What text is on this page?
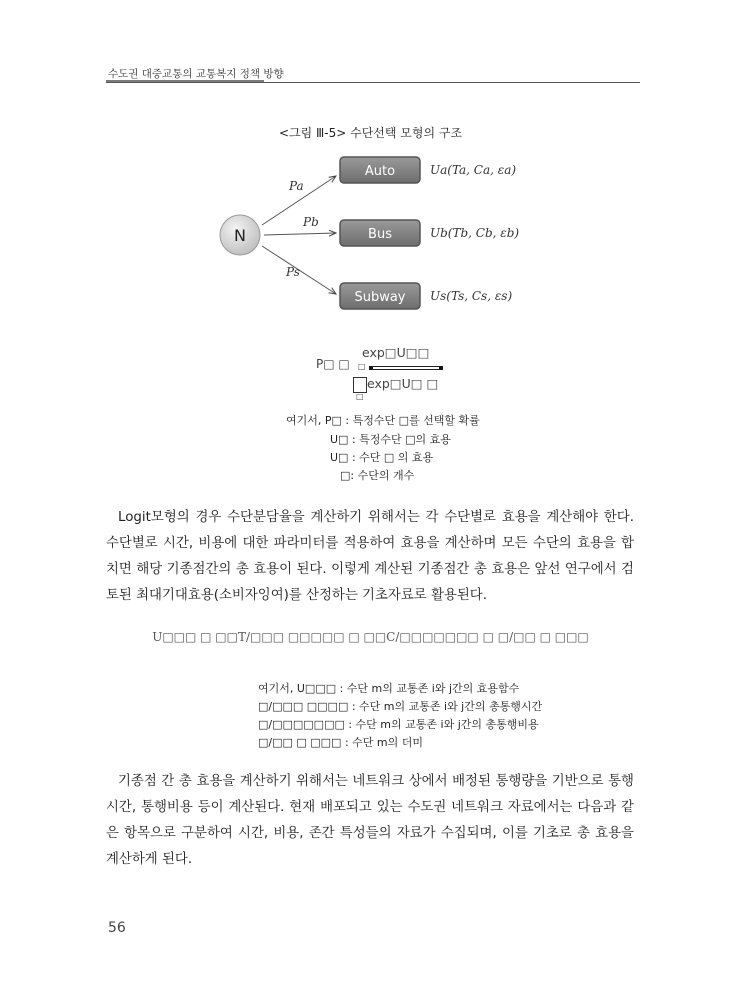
수도권 대중교통의 교통복지 정책 방향
<그림 Ⅲ-5> 수단선택 모형의 구조
N
Pa
Pb
Ps
Auto
Bus
Subway
Ua(Ta, Ca, εa)
Ub(Tb, Cb, εb)
Us(Ts, Cs, εs)
P□ □
exp□U□□
□
exp□U□ □
□
여기서, P□ : 특정수단 □를 선택할 확률
U□ : 특정수단 □의 효용
U□ : 수단 □ 의 효용
□: 수단의 개수
Logit모형의 경우 수단분담율을 계산하기 위해서는 각 수단별로 효용을 계산해야 한다. 수단별로 시간, 비용에 대한 파라미터를 적용하여 효용을 계산하며 모든 수단의 효용을 합치면 해당 기종점간의 총 효용이 된다. 이렇게 계산된 기종점간 총 효용은 앞선 연구에서 검토된 최대기대효용(소비자잉여)를 산정하는 기초자료로 활용된다.
U□□□ □ □□T/□□□ □□□□□ □ □□C/□□□□□□□ □ □/□□ □ □□□
여기서, U□□□ : 수단 m의 교통존 i와 j간의 효용함수
□/□□□ □□□□ : 수단 m의 교통존 i와 j간의 총통행시간
□/□□□□□□□ : 수단 m의 교통존 i와 j간의 총통행비용
□/□□ □ □□□ : 수단 m의 더미
기종점 간 총 효용을 계산하기 위해서는 네트워크 상에서 배정된 통행량을 기반으로 통행시간, 통행비용 등이 계산된다. 현재 배포되고 있는 수도권 네트워크 자료에서는 다음과 같은 항목으로 구분하여 시간, 비용, 존간 특성들의 자료가 수집되며, 이를 기초로 총 효용을 계산하게 된다.
56
